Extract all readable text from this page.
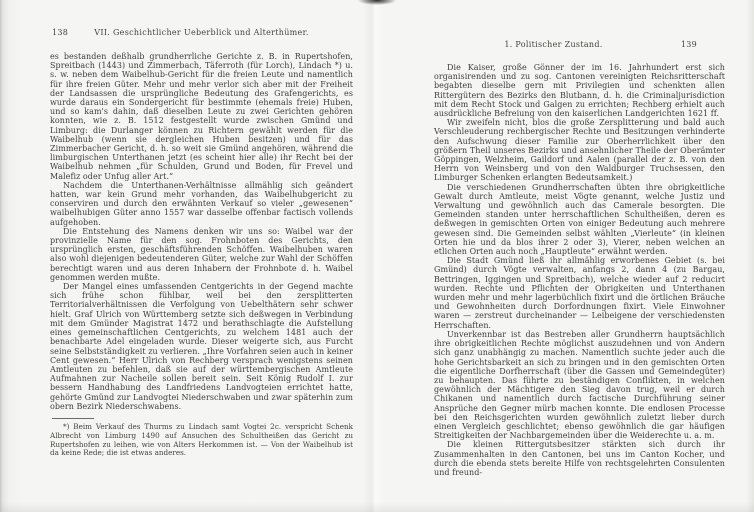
138	VII. Geschichtlicher Ueberblick und Alterthümer.

es bestanden deßhalb grundherrliche Gerichte z. B. in Rupertshofen, Spreitbach (1443) und Zimmerbach, Täferroth (für Lorch), Lindach *) u. s. w. neben dem Waibelhub-Gericht für die freien Leute und namentlich für ihre freien Güter. Mehr und mehr verlor sich aber mit der Freiheit der Landsassen die ursprüngliche Bedeutung des Grafengerichts, es wurde daraus ein Sondergericht für bestimmte (ehemals freie) Huben, und so kam's dahin, daß dieselben Leute zu zwei Gerichten gehören konnten, wie z. B. 1512 festgestellt wurde zwischen Gmünd und Limburg: die Durlanger können zu Richtern gewählt werden für die Waibelhub (wenn sie dergleichen Huben besitzen) und für das Zimmerbacher Gericht, d. h. so weit sie Gmünd angehören, während die limburgischen Unterthanen jetzt (es scheint hier alle) ihr Recht bei der Waibelhub nehmen „für Schulden, Grund und Boden, für Frevel und Malefiz oder Unfug aller Art.“

Nachdem die Unterthanen-Verhältnisse allmählig sich geändert hatten, war kein Grund mehr vorhanden, das Waibelhubgericht zu conserviren und durch den erwähnten Verkauf so vieler „gewesenen“ waibelhubigen Güter anno 1557 war dasselbe offenbar factisch vollends aufgehoben.

Die Entstehung des Namens denken wir uns so: Waibel war der provinzielle Name für den sog. Frohnboten des Gerichts, den ursprünglich ersten, geschäftsführenden Schöffen. Waibelhuben waren also wohl diejenigen bedeutenderen Güter, welche zur Wahl der Schöffen berechtigt waren und aus deren Inhabern der Frohnbote d. h. Waibel genommen werden mußte.

Der Mangel eines umfassenden Centgerichts in der Gegend machte sich frühe schon fühlbar, weil bei den zersplitterten Territorialverhältnissen die Verfolgung von Uebelthätern sehr schwer hielt. Graf Ulrich von Württemberg setzte sich deßwegen in Verbindung mit dem Gmünder Magistrat 1472 und berathschlagte die Aufstellung eines gemeinschaftlichen Centgerichts, zu welchem 1481 auch der benachbarte Adel eingeladen wurde. Dieser weigerte sich, aus Furcht seine Selbstständigkeit zu verlieren. „Ihre Vorfahren seien auch in keiner Cent gewesen.“ Herr Ulrich von Rechberg versprach wenigstens seinen Amtleuten zu befehlen, daß sie auf der württembergischen Amtleute Aufmahnen zur Nacheile sollen bereit sein. Seit König Rudolf I. zur bessern Handhabung des Landfriedens Landvogteien errichtet hatte, gehörte Gmünd zur Landvogtei Niederschwaben und zwar späterhin zum obern Bezirk Niederschwabens.

*) Beim Verkauf des Thurms zu Lindach samt Vogtei 2c. verspricht Schenk Albrecht von Limburg 1490 auf Ansuchen des Schultheißen das Gericht zu Rupertshofen zu leihen, wie von Alters Herkommen ist. — Von der Waibelhub ist da keine Rede; die ist etwas anderes.

1. Politischer Zustand.	139

Die Kaiser, große Gönner der im 16. Jahrhundert erst sich organisirenden und zu sog. Cantonen vereinigten Reichsritterschaft begabten dieselbe gern mit Privilegien und schenkten allen Rittergütern des Bezirks den Blutbann, d. h. die Criminaljurisdiction mit dem Recht Stock und Galgen zu errichten; Rechberg erhielt auch ausdrückliche Befreiung von den kaiserlichen Landgerichten 1621 ff.

Wir zweifeln nicht, blos die große Zersplitterung und bald auch Verschleuderung rechbergischer Rechte und Besitzungen verhinderte den Aufschwung dieser Familie zur Oberherrlichkeit über den größern Theil unseres Bezirks und ansehnlicher Theile der Oberämter Göppingen, Welzheim, Gaildorf und Aalen (parallel der z. B. von den Herrn von Weinsberg und von den Waldburger Truchsessen, den Limburger Schenken erlangten Bedeutsamkeit.)

Die verschiedenen Grundherrschaften übten ihre obrigkeitliche Gewalt durch Amtleute, meist Vögte genannt, welche Justiz und Verwaltung und gewöhnlich auch das Camerale besorgten. Die Gemeinden standen unter herrschaftlichen Schultheißen, deren es deßwegen in gemischten Orten von einiger Bedeutung auch mehrere gewesen sind. Die Gemeinden selbst wählten „Vierleute“ (in kleinen Orten hie und da blos ihrer 2 oder 3), Vierer, neben welchen an etlichen Orten auch noch „Hauptleute“ erwähnt werden.

Die Stadt Gmünd ließ ihr allmählig erworbenes Gebiet (s. bei Gmünd) durch Vögte verwalten, anfangs 2, dann 4 (zu Bargau, Bettringen, Iggingen und Spreitbach), welche wieder auf 2 reducirt wurden. Rechte und Pflichten der Obrigkeiten und Unterthanen wurden mehr und mehr lagerbüchlich fixirt und die örtlichen Bräuche und Gewohnheiten durch Dorfordnungen fixirt. Viele Einwohner waren — zerstreut durcheinander — Leibeigene der verschiedensten Herrschaften.

Unverkennbar ist das Bestreben aller Grundherrn hauptsächlich ihre obrigkeitlichen Rechte möglichst auszudehnen und von Andern sich ganz unabhängig zu machen. Namentlich suchte jeder auch die hohe Gerichtsbarkeit an sich zu bringen und in den gemischten Orten die eigentliche Dorfherrschaft (über die Gassen und Gemeindegüter) zu behaupten. Das führte zu beständigen Conflikten, in welchen gewöhnlich der Mächtigere den Sieg davon trug, weil er durch Chikanen und namentlich durch factische Durchführung seiner Ansprüche den Gegner mürb machen konnte. Die endlosen Processe bei den Reichsgerichten wurden gewöhnlich zuletzt lieber durch einen Vergleich geschlichtet; ebenso gewöhnlich die gar häufigen Streitigkeiten der Nachbargemeinden über die Weiderechte u. a. m.

Die kleinen Rittergutsbesitzer stärkten sich durch ihr Zusammenhalten in den Cantonen, bei uns im Canton Kocher, und durch die ebenda stets bereite Hilfe von rechtsgelehrten Consulenten und freund-
